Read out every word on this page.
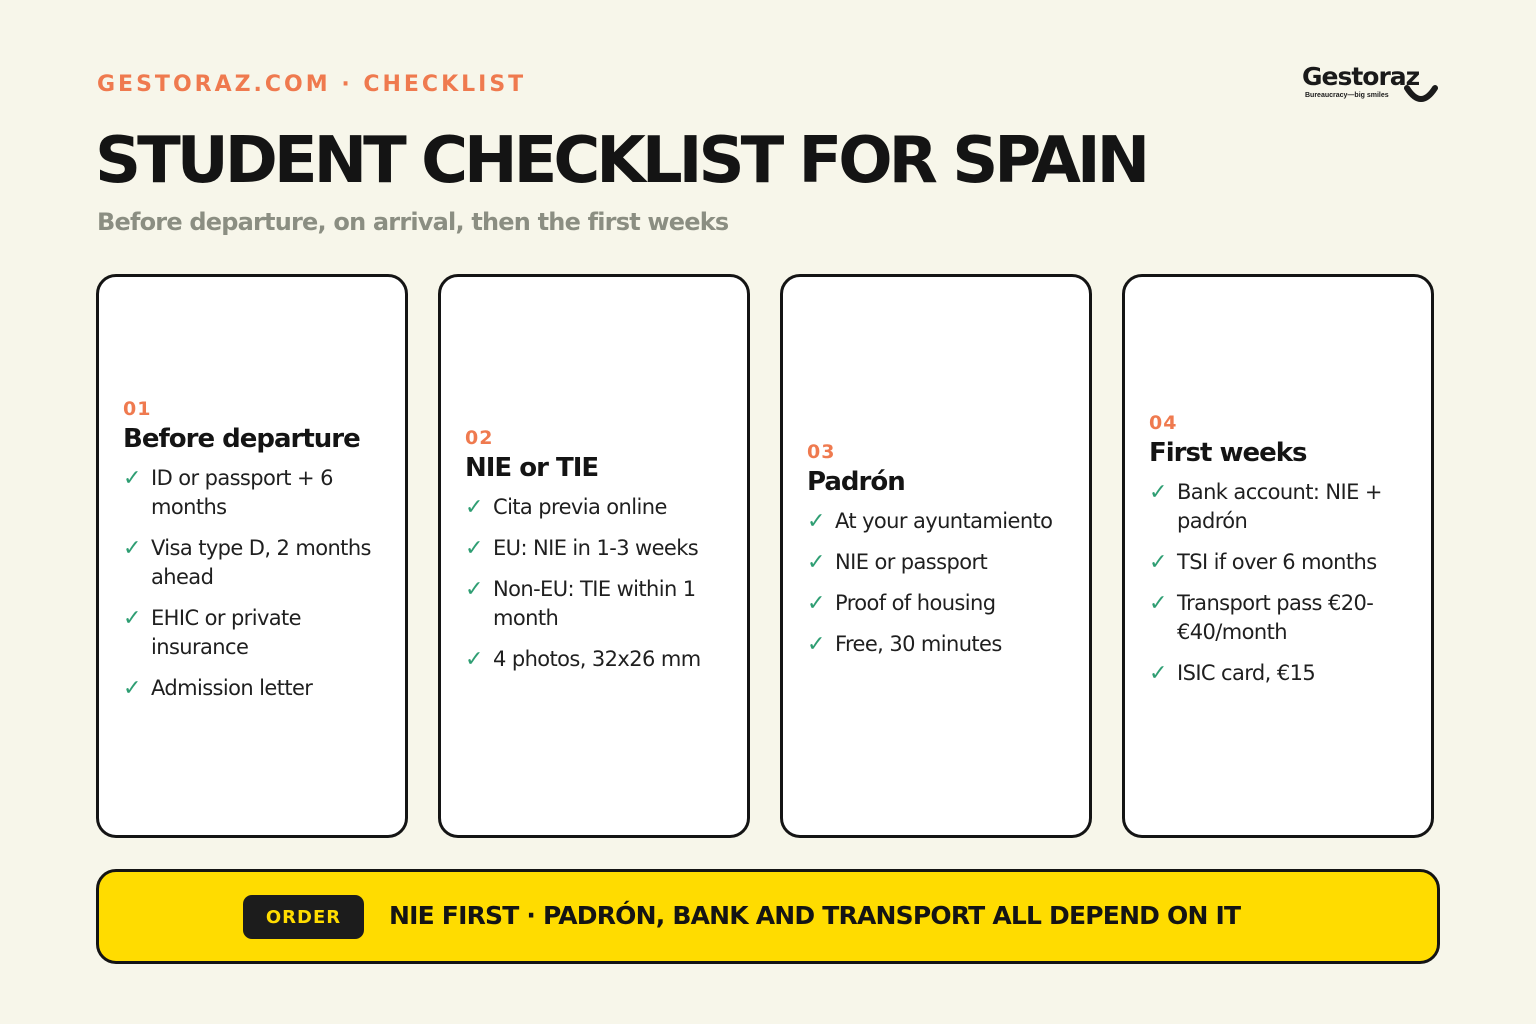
GESTORAZ.COM · CHECKLIST	Gestoraz
Bureaucracy—big smiles
STUDENT CHECKLIST FOR SPAIN

Before departure, on arrival, then the first weeks

01
Before departure
✓ ID or passport + 6 months
✓ Visa type D, 2 months ahead
✓ EHIC or private insurance
✓ Admission letter
02
NIE or TIE
✓ Cita previa online
✓ EU: NIE in 1-3 weeks
✓ Non-EU: TIE within 1 month
✓ 4 photos, 32x26 mm
03
Padrón
✓ At your ayuntamiento
✓ NIE or passport
✓ Proof of housing
✓ Free, 30 minutes
04
First weeks
✓ Bank account: NIE + padrón
✓ TSI if over 6 months
✓ Transport pass €20-€40/month
✓ ISIC card, €15
ORDER	NIE FIRST · PADRÓN, BANK AND TRANSPORT ALL DEPEND ON IT
